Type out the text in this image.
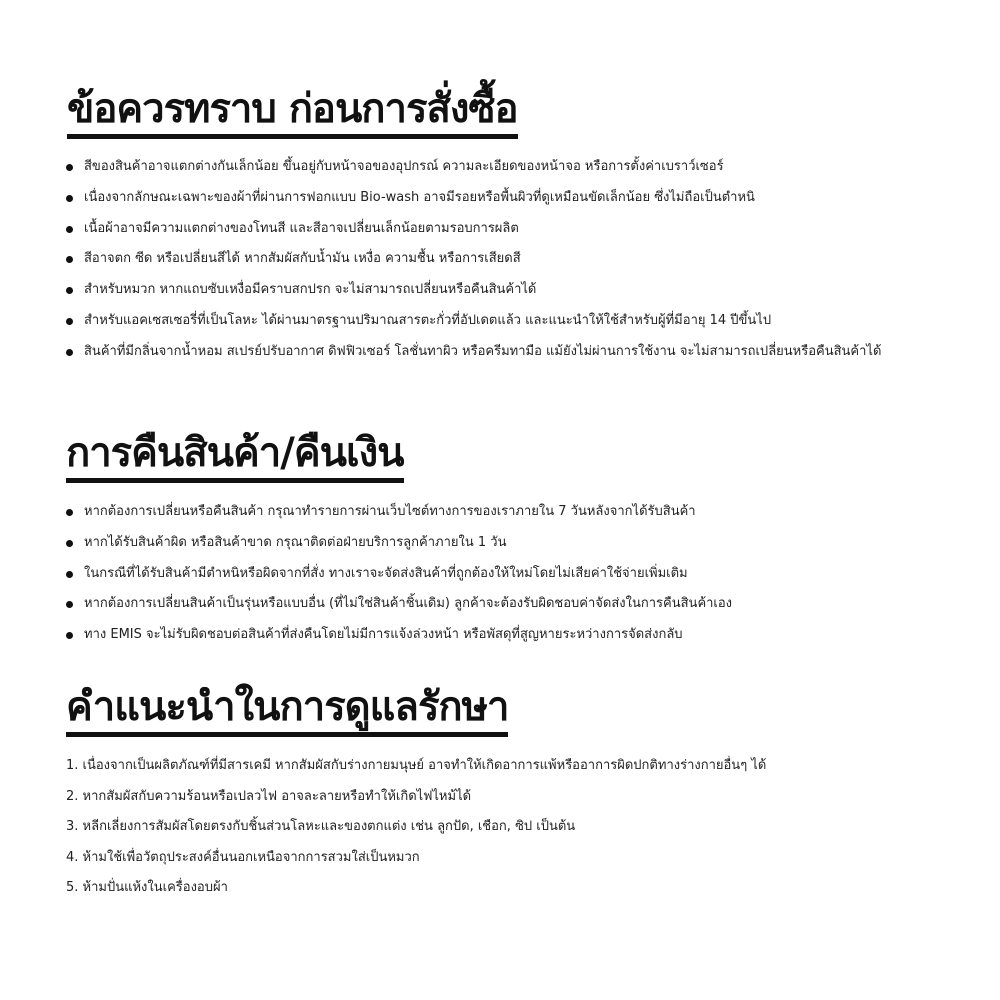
ข้อควรทราบ ก่อนการสั่งซื้อ
สีของสินค้าอาจแตกต่างกันเล็กน้อย ขึ้นอยู่กับหน้าจอของอุปกรณ์ ความละเอียดของหน้าจอ หรือการตั้งค่าเบราว์เซอร์
เนื่องจากลักษณะเฉพาะของผ้าที่ผ่านการฟอกแบบ Bio-wash อาจมีรอยหรือพื้นผิวที่ดูเหมือนขัดเล็กน้อย ซึ่งไม่ถือเป็นตำหนิ
เนื้อผ้าอาจมีความแตกต่างของโทนสี และสีอาจเปลี่ยนเล็กน้อยตามรอบการผลิต
สีอาจตก ซีด หรือเปลี่ยนสีได้ หากสัมผัสกับน้ำมัน เหงื่อ ความชื้น หรือการเสียดสี
สำหรับหมวก หากแถบซับเหงื่อมีคราบสกปรก จะไม่สามารถเปลี่ยนหรือคืนสินค้าได้
สำหรับแอคเซสเซอรี่ที่เป็นโลหะ ได้ผ่านมาตรฐานปริมาณสารตะกั่วที่อัปเดตแล้ว และแนะนำให้ใช้สำหรับผู้ที่มีอายุ 14 ปีขึ้นไป
สินค้าที่มีกลิ่นจากน้ำหอม สเปรย์ปรับอากาศ ดิฟฟิวเซอร์ โลชั่นทาผิว หรือครีมทามือ แม้ยังไม่ผ่านการใช้งาน จะไม่สามารถเปลี่ยนหรือคืนสินค้าได้
การคืนสินค้า/คืนเงิน
หากต้องการเปลี่ยนหรือคืนสินค้า กรุณาทำรายการผ่านเว็บไซต์ทางการของเราภายใน 7 วันหลังจากได้รับสินค้า
หากได้รับสินค้าผิด หรือสินค้าขาด กรุณาติดต่อฝ่ายบริการลูกค้าภายใน 1 วัน
ในกรณีที่ได้รับสินค้ามีตำหนิหรือผิดจากที่สั่ง ทางเราจะจัดส่งสินค้าที่ถูกต้องให้ใหม่โดยไม่เสียค่าใช้จ่ายเพิ่มเติม
หากต้องการเปลี่ยนสินค้าเป็นรุ่นหรือแบบอื่น (ที่ไม่ใช่สินค้าชิ้นเดิม) ลูกค้าจะต้องรับผิดชอบค่าจัดส่งในการคืนสินค้าเอง
ทาง EMIS จะไม่รับผิดชอบต่อสินค้าที่ส่งคืนโดยไม่มีการแจ้งล่วงหน้า หรือพัสดุที่สูญหายระหว่างการจัดส่งกลับ
คำแนะนำในการดูแลรักษา
1. เนื่องจากเป็นผลิตภัณฑ์ที่มีสารเคมี หากสัมผัสกับร่างกายมนุษย์ อาจทำให้เกิดอาการแพ้หรืออาการผิดปกติทางร่างกายอื่นๆ ได้
2. หากสัมผัสกับความร้อนหรือเปลวไฟ อาจละลายหรือทำให้เกิดไฟไหม้ได้
3. หลีกเลี่ยงการสัมผัสโดยตรงกับชิ้นส่วนโลหะและของตกแต่ง เช่น ลูกปัด, เชือก, ซิป เป็นต้น
4. ห้ามใช้เพื่อวัตถุประสงค์อื่นนอกเหนือจากการสวมใส่เป็นหมวก
5. ห้ามปั่นแห้งในเครื่องอบผ้า
